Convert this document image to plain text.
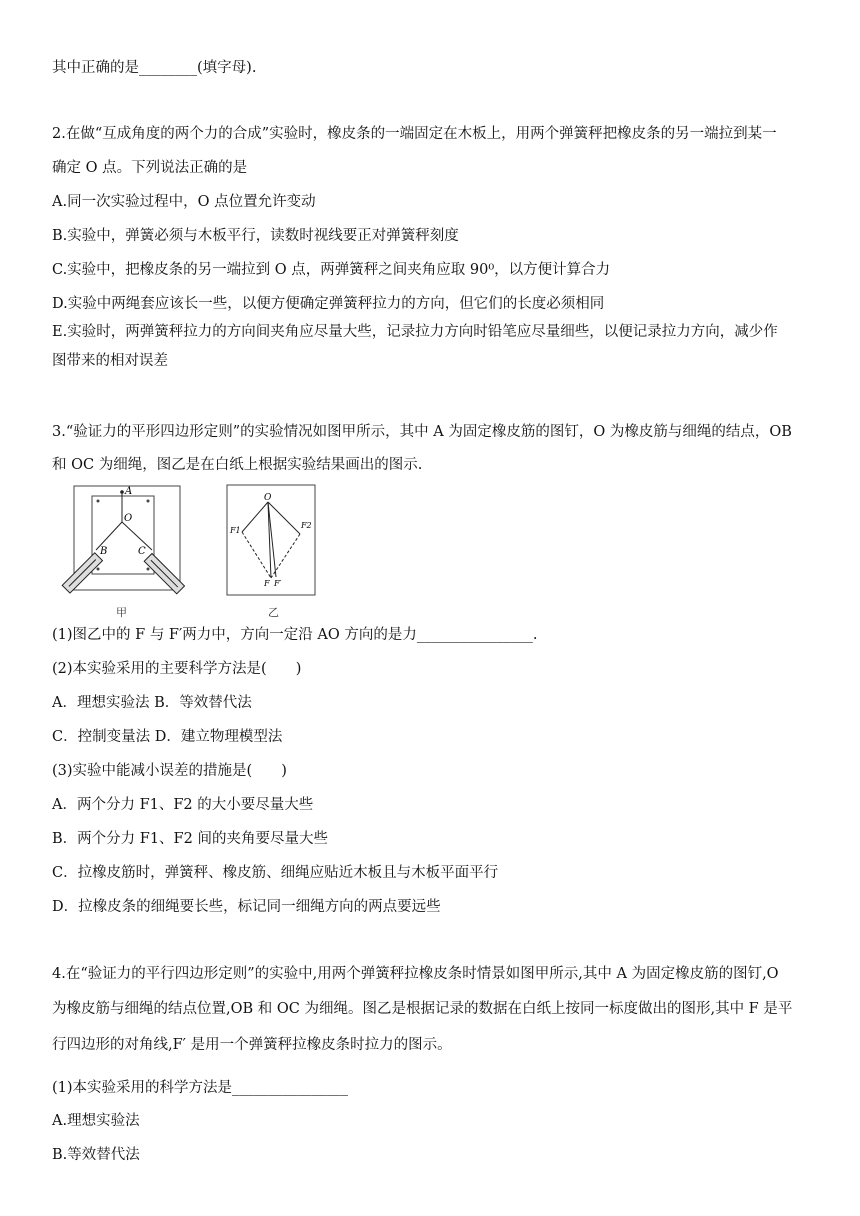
其中正确的是________(填字母).
2.在做“互成角度的两个力的合成”实验时，橡皮条的一端固定在木板上，用两个弹簧秤把橡皮条的另一端拉到某一
确定 O 点。下列说法正确的是
A.同一次实验过程中，O 点位置允许变动
B.实验中，弹簧必须与木板平行，读数时视线要正对弹簧秤刻度
C.实验中，把橡皮条的另一端拉到 O 点，两弹簧秤之间夹角应取 90⁰，以方便计算合力
D.实验中两绳套应该长一些，以便方便确定弹簧秤拉力的方向，但它们的长度必须相同
E.实验时，两弹簧秤拉力的方向间夹角应尽量大些，记录拉力方向时铅笔应尽量细些，以便记录拉力方向，减少作
图带来的相对误差
3.“验证力的平形四边形定则”的实验情况如图甲所示，其中 A 为固定橡皮筋的图钉，O 为橡皮筋与细绳的结点，OB
和 OC 为细绳，图乙是在白纸上根据实验结果画出的图示.
A
O
B	C
甲
O
F1
F2
F F′
乙
(1)图乙中的 F 与 F′两力中，方向一定沿 AO 方向的是力________________.
(2)本实验采用的主要科学方法是(　　)
A．理想实验法 B．等效替代法
C．控制变量法 D．建立物理模型法
(3)实验中能减小误差的措施是(　　)
A．两个分力 F1、F2 的大小要尽量大些
B．两个分力 F1、F2 间的夹角要尽量大些
C．拉橡皮筋时，弹簧秤、橡皮筋、细绳应贴近木板且与木板平面平行
D．拉橡皮条的细绳要长些，标记同一细绳方向的两点要远些
4.在“验证力的平行四边形定则”的实验中,用两个弹簧秤拉橡皮条时情景如图甲所示,其中 A 为固定橡皮筋的图钉,O
为橡皮筋与细绳的结点位置,OB 和 OC 为细绳。图乙是根据记录的数据在白纸上按同一标度做出的图形,其中 F 是平
行四边形的对角线,F′ 是用一个弹簧秤拉橡皮条时拉力的图示。
(1)本实验采用的科学方法是________________
A.理想实验法
B.等效替代法
